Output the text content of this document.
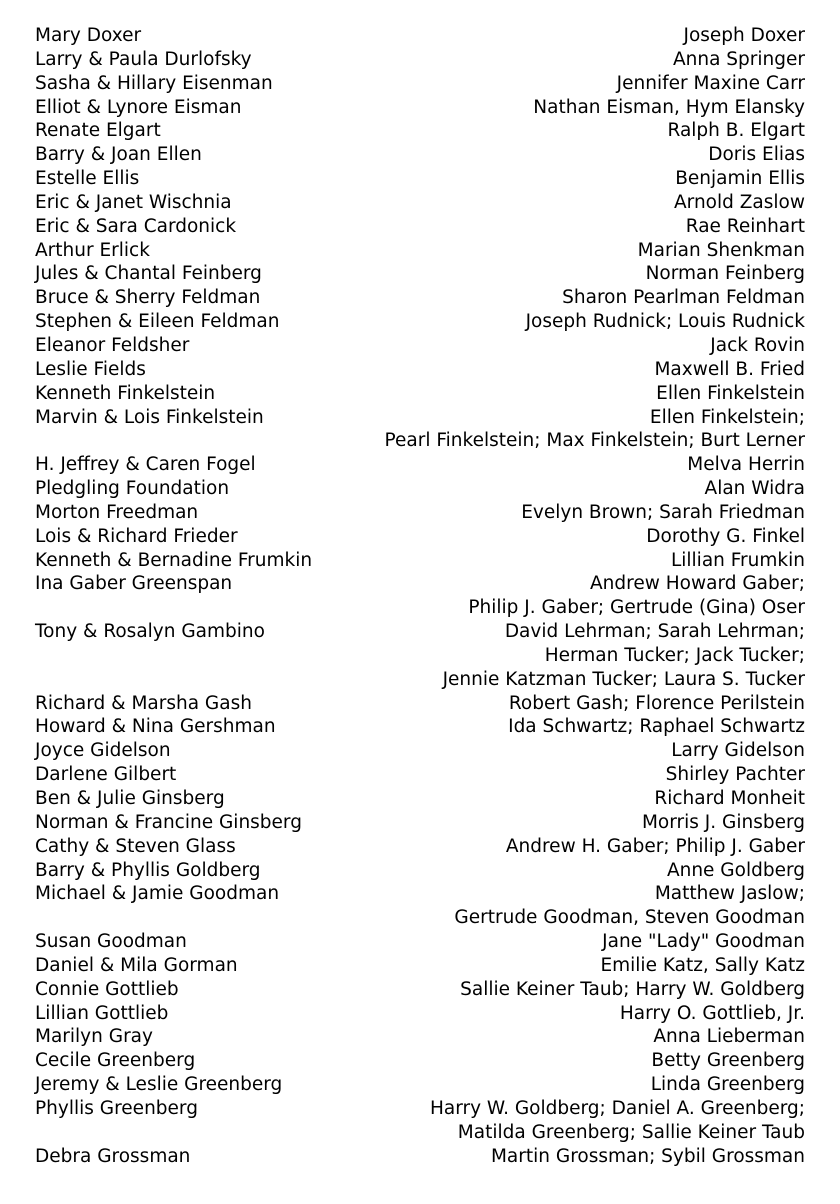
Mary Doxer	Joseph Doxer
Larry & Paula Durlofsky	Anna Springer
Sasha & Hillary Eisenman	Jennifer Maxine Carr
Elliot & Lynore Eisman	Nathan Eisman, Hym Elansky
Renate Elgart	Ralph B. Elgart
Barry & Joan Ellen	Doris Elias
Estelle Ellis	Benjamin Ellis
Eric & Janet Wischnia	Arnold Zaslow
Eric & Sara Cardonick	Rae Reinhart
Arthur Erlick	Marian Shenkman
Jules & Chantal Feinberg	Norman Feinberg
Bruce & Sherry Feldman	Sharon Pearlman Feldman
Stephen & Eileen Feldman	Joseph Rudnick; Louis Rudnick
Eleanor Feldsher	Jack Rovin
Leslie Fields	Maxwell B. Fried
Kenneth Finkelstein	Ellen Finkelstein
Marvin & Lois Finkelstein	Ellen Finkelstein;
Pearl Finkelstein; Max Finkelstein; Burt Lerner
H. Jeffrey & Caren Fogel	Melva Herrin
Pledgling Foundation	Alan Widra
Morton Freedman	Evelyn Brown; Sarah Friedman
Lois & Richard Frieder	Dorothy G. Finkel
Kenneth & Bernadine Frumkin	Lillian Frumkin
Ina Gaber Greenspan	Andrew Howard Gaber;
Philip J. Gaber; Gertrude (Gina) Oser
Tony & Rosalyn Gambino	David Lehrman; Sarah Lehrman;
Herman Tucker; Jack Tucker;
Jennie Katzman Tucker; Laura S. Tucker
Richard & Marsha Gash	Robert Gash; Florence Perilstein
Howard & Nina Gershman	Ida Schwartz; Raphael Schwartz
Joyce Gidelson	Larry Gidelson
Darlene Gilbert	Shirley Pachter
Ben & Julie Ginsberg	Richard Monheit
Norman & Francine Ginsberg	Morris J. Ginsberg
Cathy & Steven Glass	Andrew H. Gaber; Philip J. Gaber
Barry & Phyllis Goldberg	Anne Goldberg
Michael & Jamie Goodman	Matthew Jaslow;
Gertrude Goodman, Steven Goodman
Susan Goodman	Jane "Lady" Goodman
Daniel & Mila Gorman	Emilie Katz, Sally Katz
Connie Gottlieb	Sallie Keiner Taub; Harry W. Goldberg
Lillian Gottlieb	Harry O. Gottlieb, Jr.
Marilyn Gray	Anna Lieberman
Cecile Greenberg	Betty Greenberg
Jeremy & Leslie Greenberg	Linda Greenberg
Phyllis Greenberg	Harry W. Goldberg; Daniel A. Greenberg;
Matilda Greenberg; Sallie Keiner Taub
Debra Grossman	Martin Grossman; Sybil Grossman
